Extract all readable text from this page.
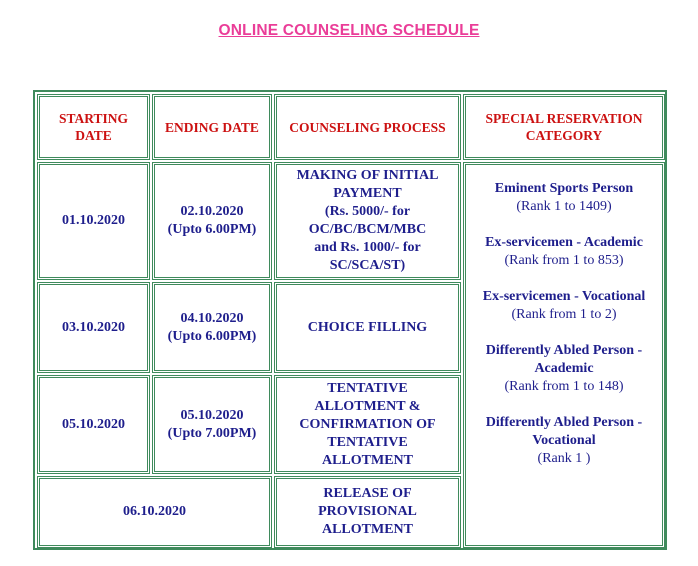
ONLINE COUNSELING SCHEDULE
STARTING
DATE
ENDING DATE COUNSELING PROCESS
SPECIAL RESERVATION
CATEGORY
01.10.2020
02.10.2020
(Upto 6.00PM)
MAKING OF INITIAL
PAYMENT
(Rs. 5000/- for
OC/BC/BCM/MBC
and Rs. 1000/- for
SC/SCA/ST)
03.10.2020
04.10.2020
(Upto 6.00PM)
CHOICE FILLING
05.10.2020
05.10.2020
(Upto 7.00PM)
TENTATIVE
ALLOTMENT &
CONFIRMATION OF
TENTATIVE
ALLOTMENT
06.10.2020
RELEASE OF
PROVISIONAL
ALLOTMENT
Eminent Sports Person
(Rank 1 to 1409)
Ex-servicemen - Academic
(Rank from 1 to 853)
Ex-servicemen - Vocational
(Rank from 1 to 2)
Differently Abled Person -
Academic
(Rank from 1 to 148)
Differently Abled Person -
Vocational
(Rank 1 )
